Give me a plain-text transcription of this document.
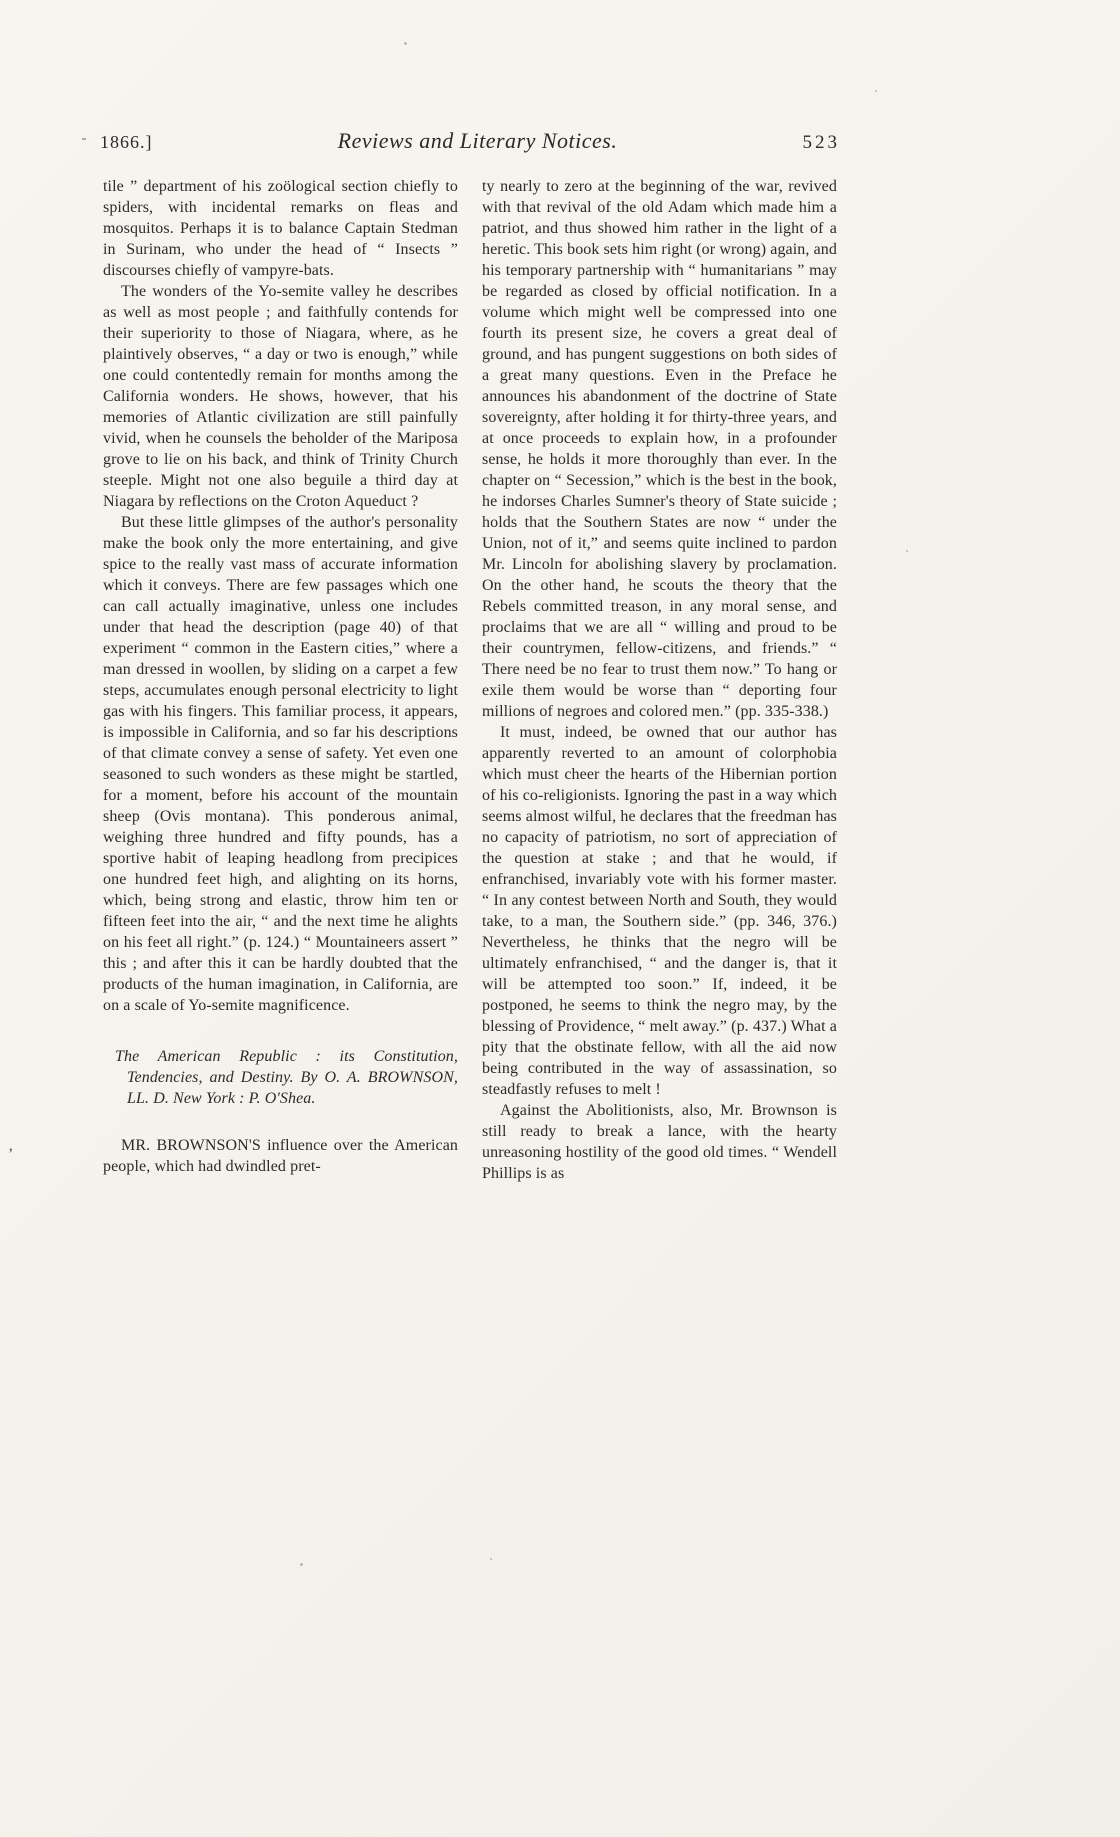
’
1866.]	Reviews and Literary Notices.	523

tile ” department of his zoölogical section chiefly to spiders, with incidental remarks on fleas and mosquitos. Perhaps it is to balance Captain Stedman in Surinam, who under the head of “ Insects ” discourses chiefly of vampyre-bats.

The wonders of the Yo-semite valley he describes as well as most people ; and faithfully contends for their superiority to those of Niagara, where, as he plaintively observes, “ a day or two is enough,” while one could contentedly remain for months among the California wonders. He shows, however, that his memories of Atlantic civilization are still painfully vivid, when he counsels the beholder of the Mariposa grove to lie on his back, and think of Trinity Church steeple. Might not one also beguile a third day at Niagara by reflections on the Croton Aqueduct ?

But these little glimpses of the author's personality make the book only the more entertaining, and give spice to the really vast mass of accurate information which it conveys. There are few passages which one can call actually imaginative, unless one includes under that head the description (page 40) of that experiment “ common in the Eastern cities,” where a man dressed in woollen, by sliding on a carpet a few steps, accumulates enough personal electricity to light gas with his fingers. This familiar process, it appears, is impossible in California, and so far his descriptions of that climate convey a sense of safety. Yet even one seasoned to such wonders as these might be startled, for a moment, before his account of the mountain sheep (Ovis montana). This ponderous animal, weighing three hundred and fifty pounds, has a sportive habit of leaping headlong from precipices one hundred feet high, and alighting on its horns, which, being strong and elastic, throw him ten or fifteen feet into the air, “ and the next time he alights on his feet all right.” (p. 124.) “ Mountaineers assert ” this ; and after this it can be hardly doubted that the products of the human imagination, in California, are on a scale of Yo-semite magnificence.

The American Republic : its Constitution, Tendencies, and Destiny. By O. A. BROWNSON, LL. D. New York : P. O'Shea.

MR. BROWNSON'S influence over the American people, which had dwindled pret-

ty nearly to zero at the beginning of the war, revived with that revival of the old Adam which made him a patriot, and thus showed him rather in the light of a heretic. This book sets him right (or wrong) again, and his temporary partnership with “ humanitarians ” may be regarded as closed by official notification. In a volume which might well be compressed into one fourth its present size, he covers a great deal of ground, and has pungent suggestions on both sides of a great many questions. Even in the Preface he announces his abandonment of the doctrine of State sovereignty, after holding it for thirty-three years, and at once proceeds to explain how, in a profounder sense, he holds it more thoroughly than ever. In the chapter on “ Secession,” which is the best in the book, he indorses Charles Sumner's theory of State suicide ; holds that the Southern States are now “ under the Union, not of it,” and seems quite inclined to pardon Mr. Lincoln for abolishing slavery by proclamation. On the other hand, he scouts the theory that the Rebels committed treason, in any moral sense, and proclaims that we are all “ willing and proud to be their countrymen, fellow-citizens, and friends.” “ There need be no fear to trust them now.” To hang or exile them would be worse than “ deporting four millions of negroes and colored men.” (pp. 335-338.)

It must, indeed, be owned that our author has apparently reverted to an amount of colorphobia which must cheer the hearts of the Hibernian portion of his co-religionists. Ignoring the past in a way which seems almost wilful, he declares that the freedman has no capacity of patriotism, no sort of appreciation of the question at stake ; and that he would, if enfranchised, invariably vote with his former master. “ In any contest between North and South, they would take, to a man, the Southern side.” (pp. 346, 376.) Nevertheless, he thinks that the negro will be ultimately enfranchised, “ and the danger is, that it will be attempted too soon.” If, indeed, it be postponed, he seems to think the negro may, by the blessing of Providence, “ melt away.” (p. 437.) What a pity that the obstinate fellow, with all the aid now being contributed in the way of assassination, so steadfastly refuses to melt !

Against the Abolitionists, also, Mr. Brownson is still ready to break a lance, with the hearty unreasoning hostility of the good old times. “ Wendell Phillips is as
